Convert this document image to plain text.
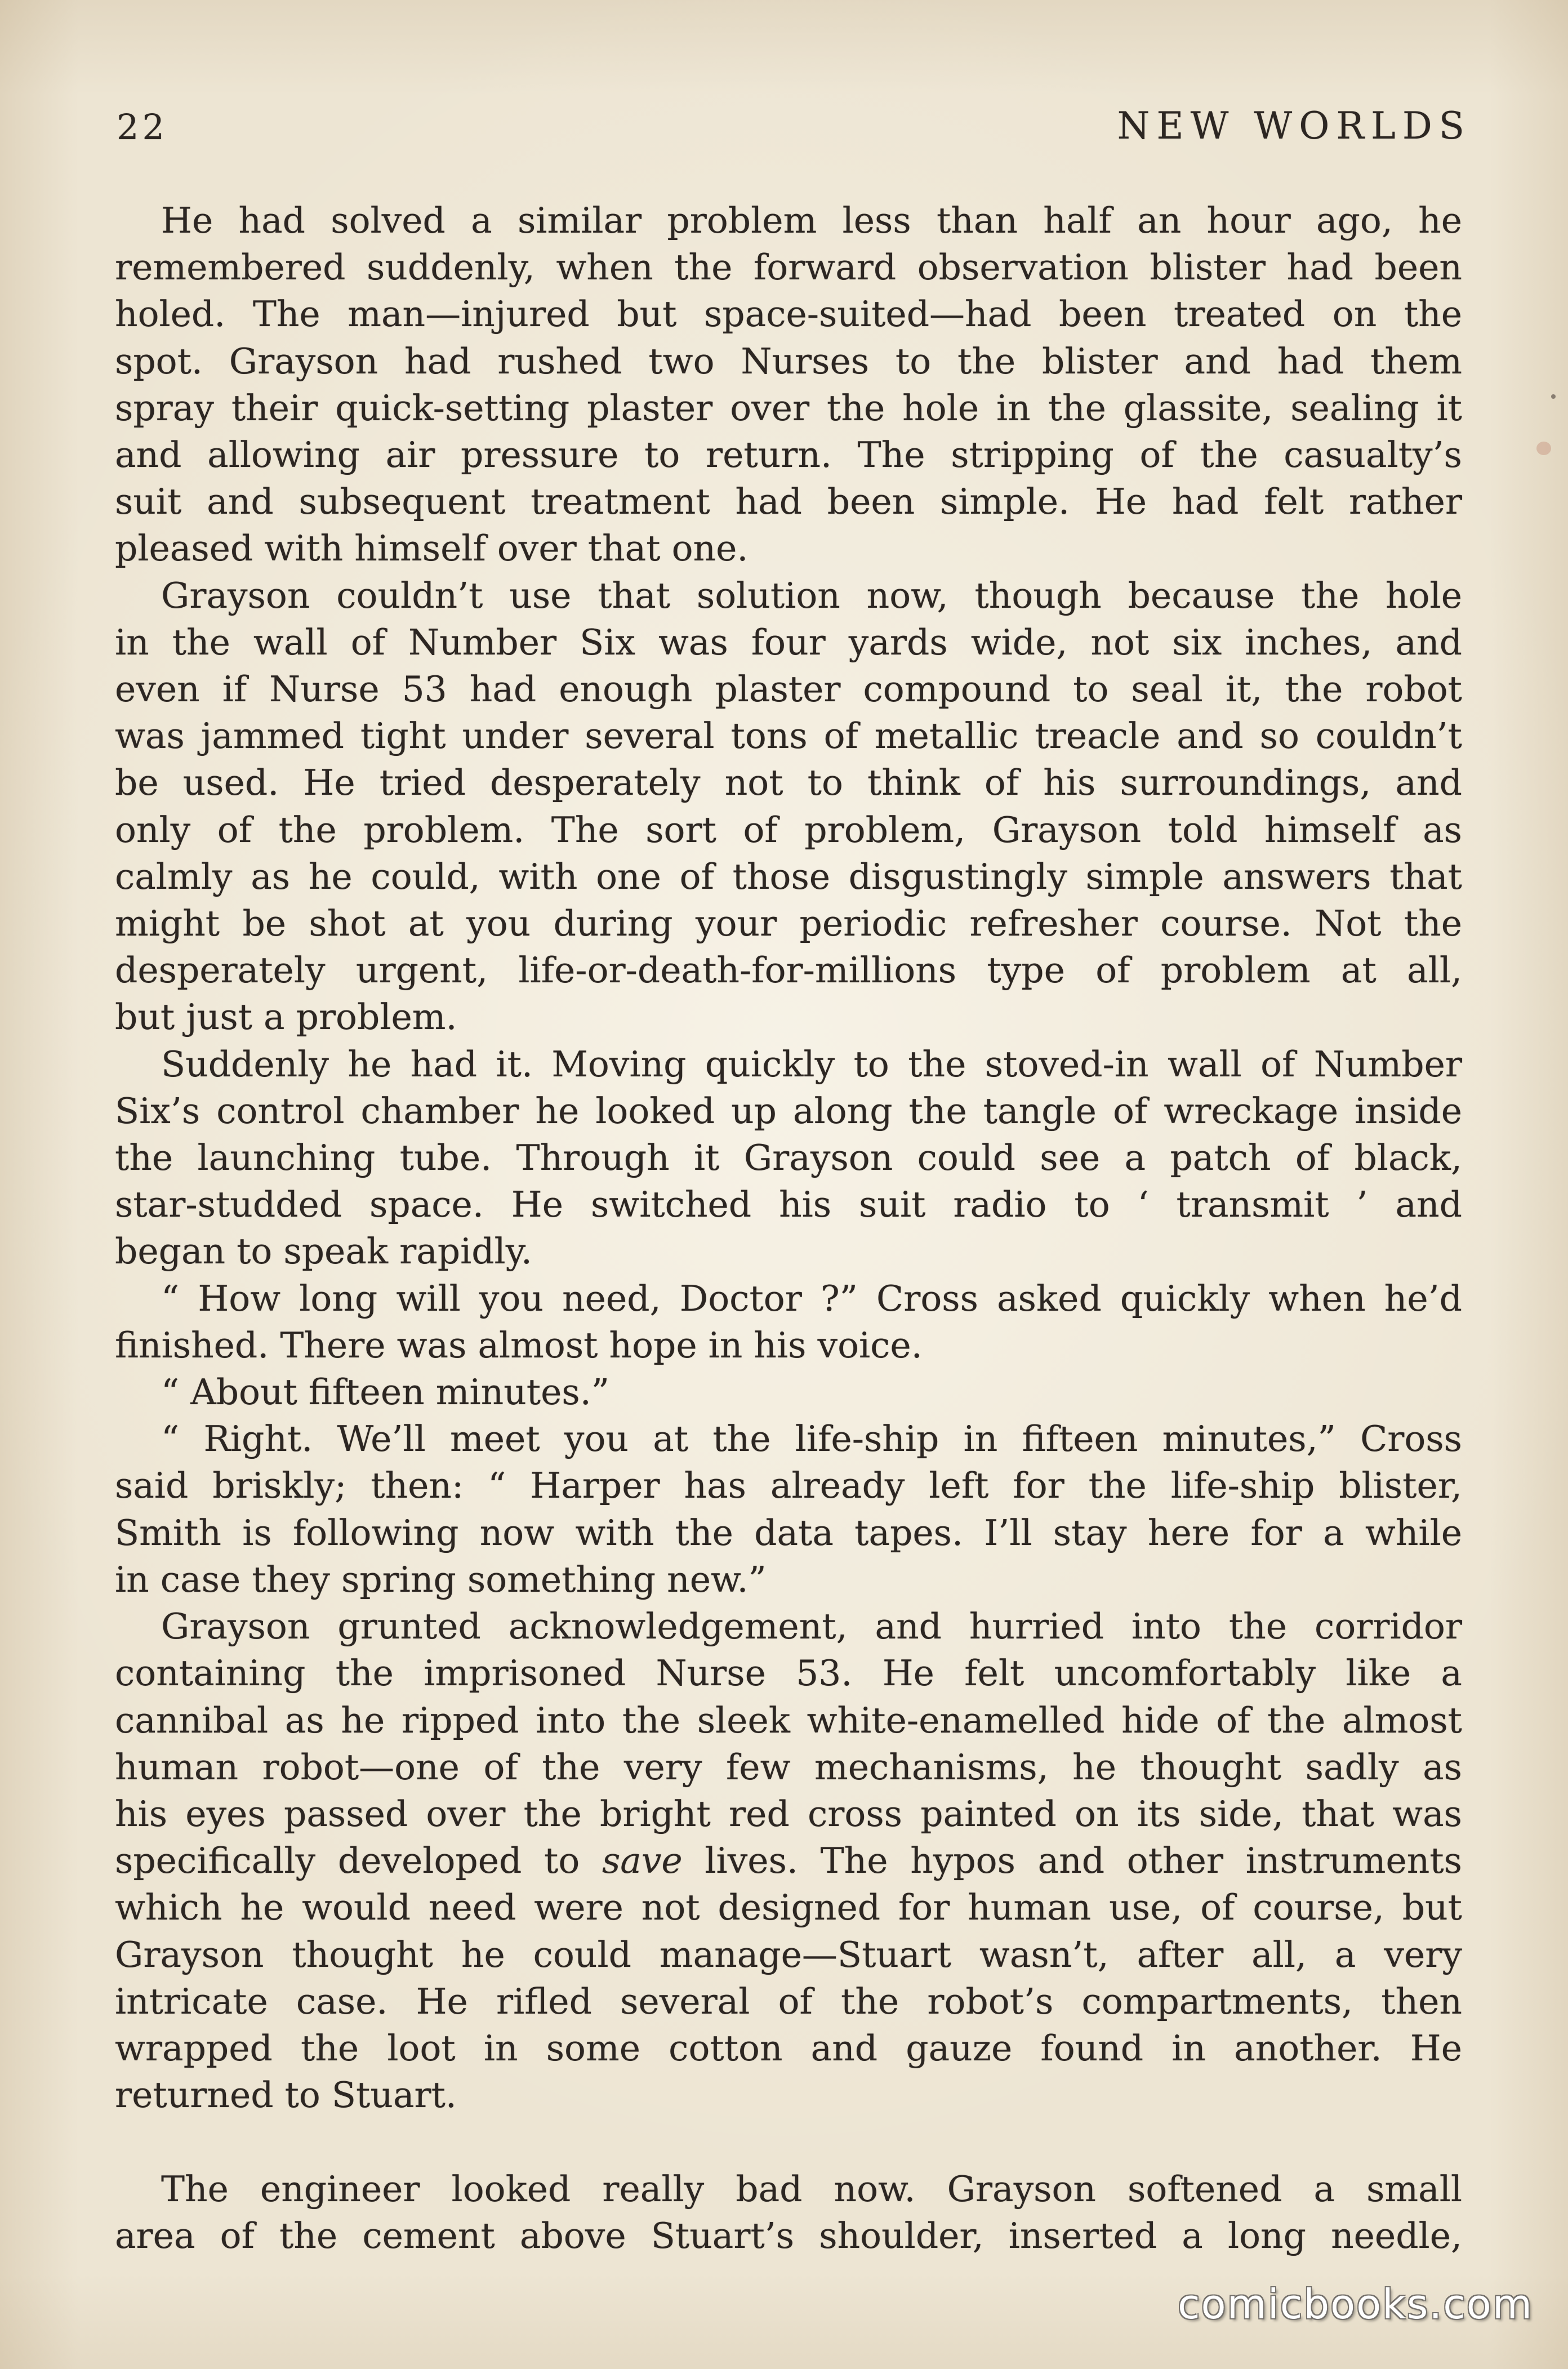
22	NEW WORLDS
He had solved a similar problem less than half an hour ago, he
remembered suddenly, when the forward observation blister had been
holed. The man—injured but space-suited—had been treated on the
spot. Grayson had rushed two Nurses to the blister and had them
spray their quick-setting plaster over the hole in the glassite, sealing it
and allowing air pressure to return. The stripping of the casualty’s
suit and subsequent treatment had been simple. He had felt rather
pleased with himself over that one.
Grayson couldn’t use that solution now, though because the hole
in the wall of Number Six was four yards wide, not six inches, and
even if Nurse 53 had enough plaster compound to seal it, the robot
was jammed tight under several tons of metallic treacle and so couldn’t
be used. He tried desperately not to think of his surroundings, and
only of the problem. The sort of problem, Grayson told himself as
calmly as he could, with one of those disgustingly simple answers that
might be shot at you during your periodic refresher course. Not the
desperately urgent, life-or-death-for-millions type of problem at all,
but just a problem.
Suddenly he had it. Moving quickly to the stoved-in wall of Number
Six’s control chamber he looked up along the tangle of wreckage inside
the launching tube. Through it Grayson could see a patch of black,
star-studded space. He switched his suit radio to ‘ transmit ’ and
began to speak rapidly.
“ How long will you need, Doctor ?” Cross asked quickly when he’d
finished. There was almost hope in his voice.
“ About fifteen minutes.”
“ Right. We’ll meet you at the life-ship in fifteen minutes,” Cross
said briskly; then: “ Harper has already left for the life-ship blister,
Smith is following now with the data tapes. I’ll stay here for a while
in case they spring something new.”
Grayson grunted acknowledgement, and hurried into the corridor
containing the imprisoned Nurse 53. He felt uncomfortably like a
cannibal as he ripped into the sleek white-enamelled hide of the almost
human robot—one of the very few mechanisms, he thought sadly as
his eyes passed over the bright red cross painted on its side, that was
specifically developed to save lives. The hypos and other instruments
which he would need were not designed for human use, of course, but
Grayson thought he could manage—Stuart wasn’t, after all, a very
intricate case. He rifled several of the robot’s compartments, then
wrapped the loot in some cotton and gauze found in another. He
returned to Stuart.
The engineer looked really bad now. Grayson softened a small
area of the cement above Stuart’s shoulder, inserted a long needle,
comicbooks.com
